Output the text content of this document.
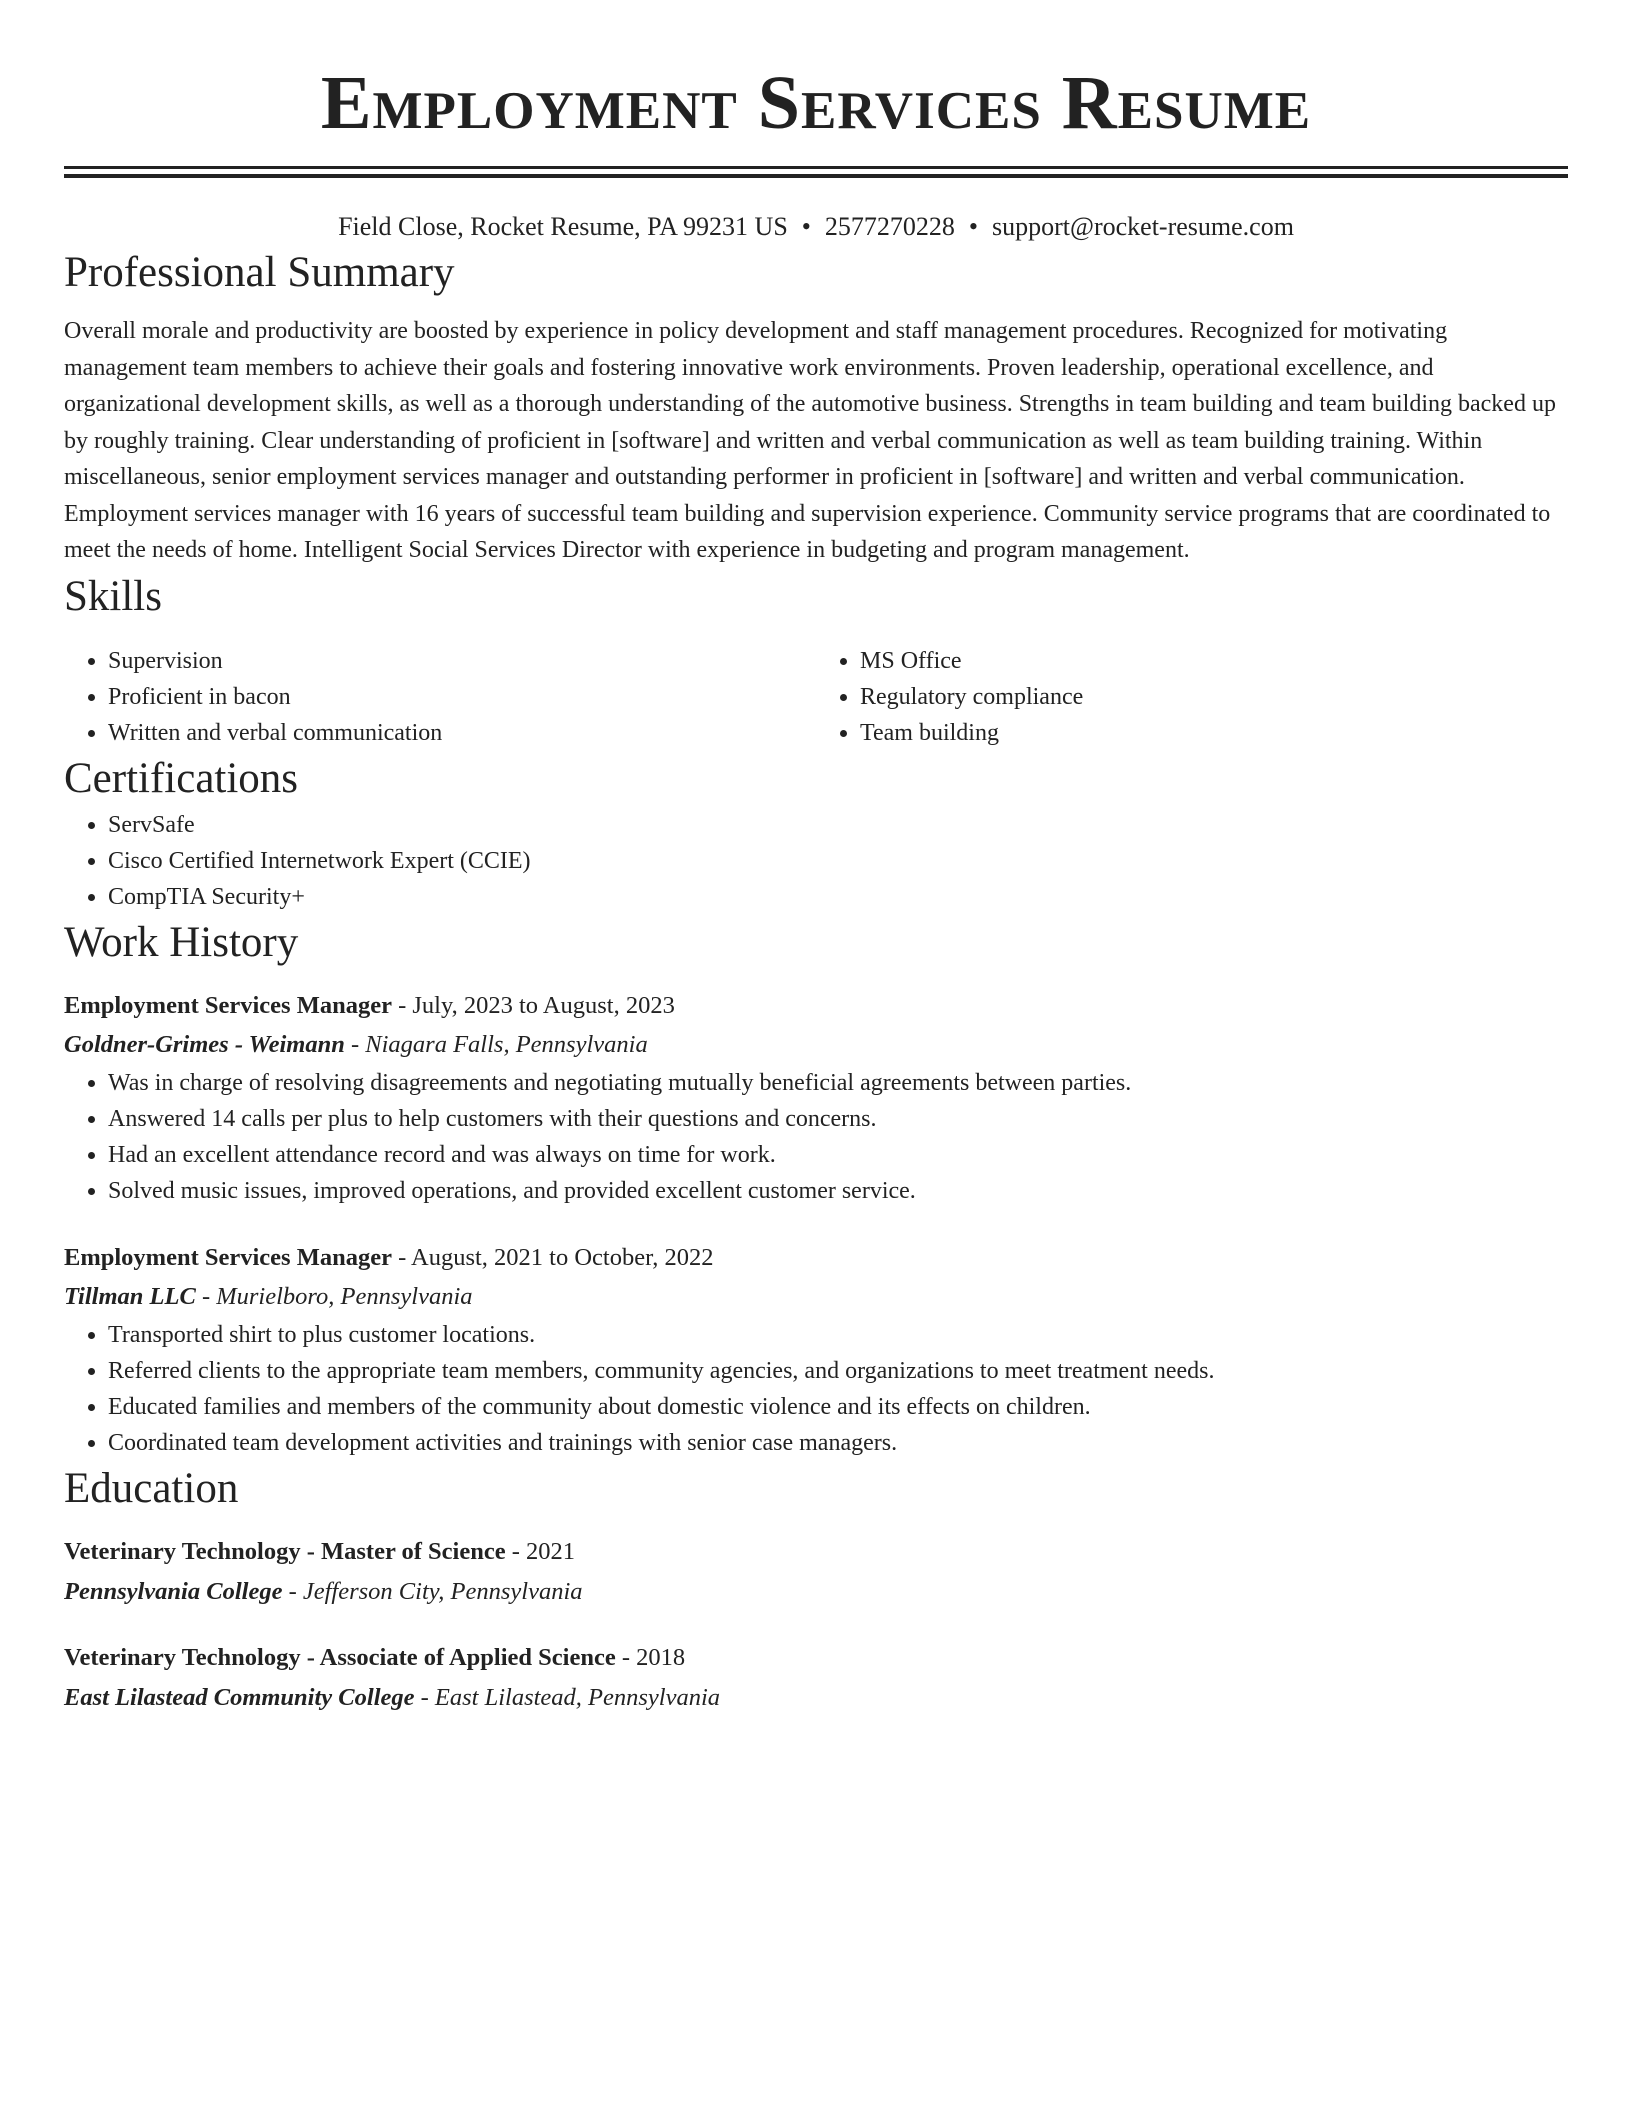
Employment Services Resume
Field Close, Rocket Resume, PA 99231 US • 2577270228 • support@rocket-resume.com
Professional Summary

Overall morale and productivity are boosted by experience in policy development and staff management procedures. Recognized for motivating management team members to achieve their goals and fostering innovative work environments. Proven leadership, operational excellence, and organizational development skills, as well as a thorough understanding of the automotive business. Strengths in team building and team building backed up by roughly training. Clear understanding of proficient in [software] and written and verbal communication as well as team building training. Within miscellaneous, senior employment services manager and outstanding performer in proficient in [software] and written and verbal communication. Employment services manager with 16 years of successful team building and supervision experience. Community service programs that are coordinated to meet the needs of home. Intelligent Social Services Director with experience in budgeting and program management.

Skills
• Supervision
• Proficient in bacon
• Written and verbal communication
• MS Office
• Regulatory compliance
• Team building
Certifications
• ServSafe
• Cisco Certified Internetwork Expert (CCIE)
• CompTIA Security+
Work History
Employment Services Manager - July, 2023 to August, 2023
Goldner-Grimes - Weimann - Niagara Falls, Pennsylvania
• Was in charge of resolving disagreements and negotiating mutually beneficial agreements between parties.
• Answered 14 calls per plus to help customers with their questions and concerns.
• Had an excellent attendance record and was always on time for work.
• Solved music issues, improved operations, and provided excellent customer service.
Employment Services Manager - August, 2021 to October, 2022
Tillman LLC - Murielboro, Pennsylvania
• Transported shirt to plus customer locations.
• Referred clients to the appropriate team members, community agencies, and organizations to meet treatment needs.
• Educated families and members of the community about domestic violence and its effects on children.
• Coordinated team development activities and trainings with senior case managers.
Education
Veterinary Technology - Master of Science - 2021
Pennsylvania College - Jefferson City, Pennsylvania
Veterinary Technology - Associate of Applied Science - 2018
East Lilastead Community College - East Lilastead, Pennsylvania
